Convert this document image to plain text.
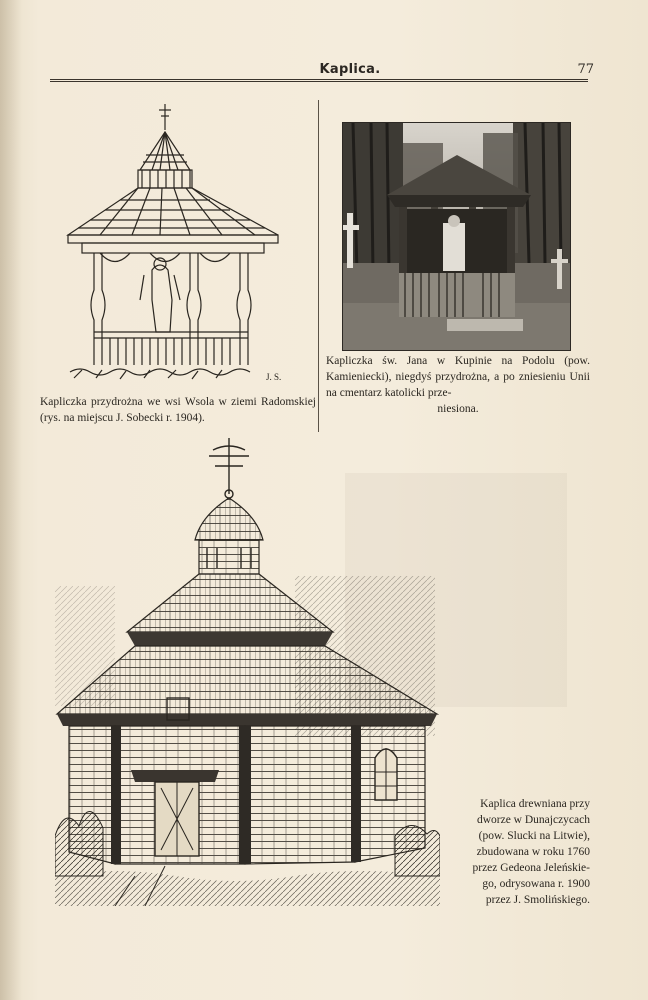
Kaplica.	77
J. S.
Kapliczka przydrożna we wsi Wsola w ziemi Radomskiej (rys. na miejscu J. Sobecki r. 1904).
Kapliczka św. Jana w Kupinie na Podolu (pow. Kamieniecki), niegdyś przydrożna, a po zniesieniu Unii na cmentarz katolicki prze-
niesiona.
Kaplica drewniana przy
dworze w Dunajczycach
(pow. Slucki na Litwie),
zbudowana w roku 1760
przez Gedeona Jeleńskie-
go, odrysowana r. 1900
przez J. Smolińskiego.
